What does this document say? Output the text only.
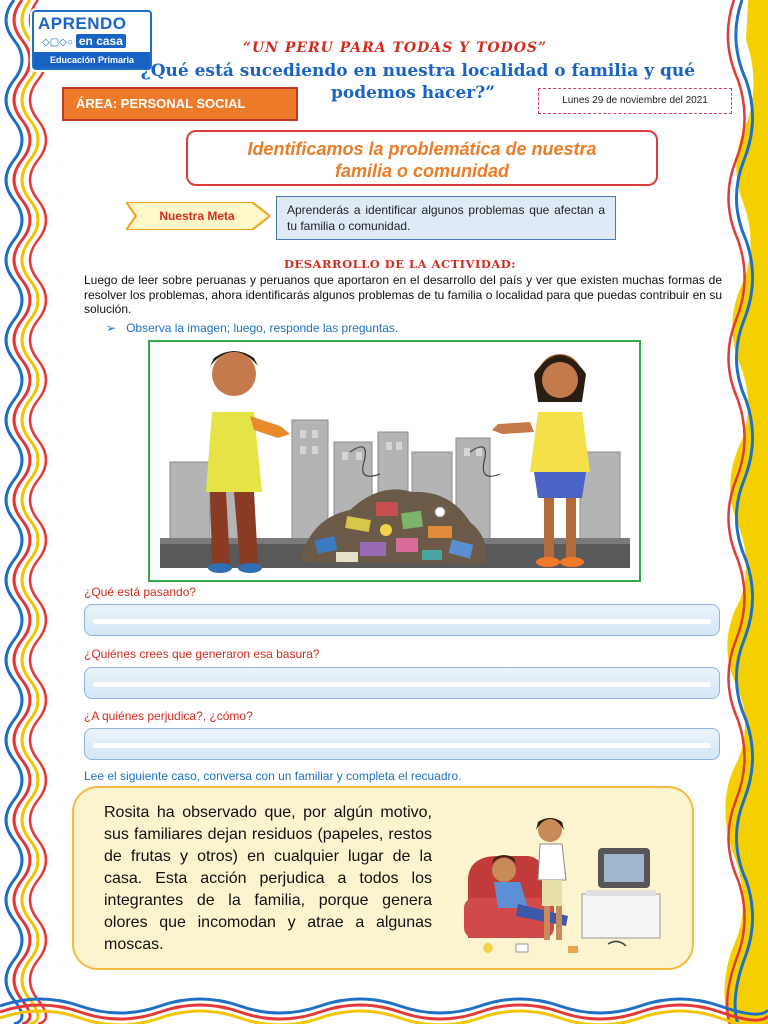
APRENDO
◇▢◇○ en casa
Educación Primaria
“UN PERU PARA TODAS Y TODOS”
“¿Qué está sucediendo en nuestra localidad o familia y qué
podemos hacer?”
ÁREA: PERSONAL SOCIAL	Lunes 29 de noviembre del 2021
Identificamos la problemática de nuestra
familia o comunidad
Nuestra Meta	Aprenderás a identificar algunos problemas que afectan a tu familia o comunidad.
DESARROLLO DE LA ACTIVIDAD:
Luego de leer sobre peruanas y peruanos que aportaron en el desarrollo del país y ver que existen muchas formas de resolver los problemas, ahora identificarás algunos problemas de tu familia o localidad para que puedas contribuir en su solución.
➢ Observa la imagen; luego, responde las preguntas.
¿Qué está pasando?
¿Quiénes crees que generaron esa basura?
¿A quiénes perjudica?, ¿cómo?
Lee el siguiente caso, conversa con un familiar y completa el recuadro.
Rosita ha observado que, por algún motivo, sus familiares dejan residuos (papeles, restos de frutas y otros) en cualquier lugar de la casa. Esta acción perjudica a todos los integrantes de la familia, porque genera olores que incomodan y atrae a algunas moscas.
